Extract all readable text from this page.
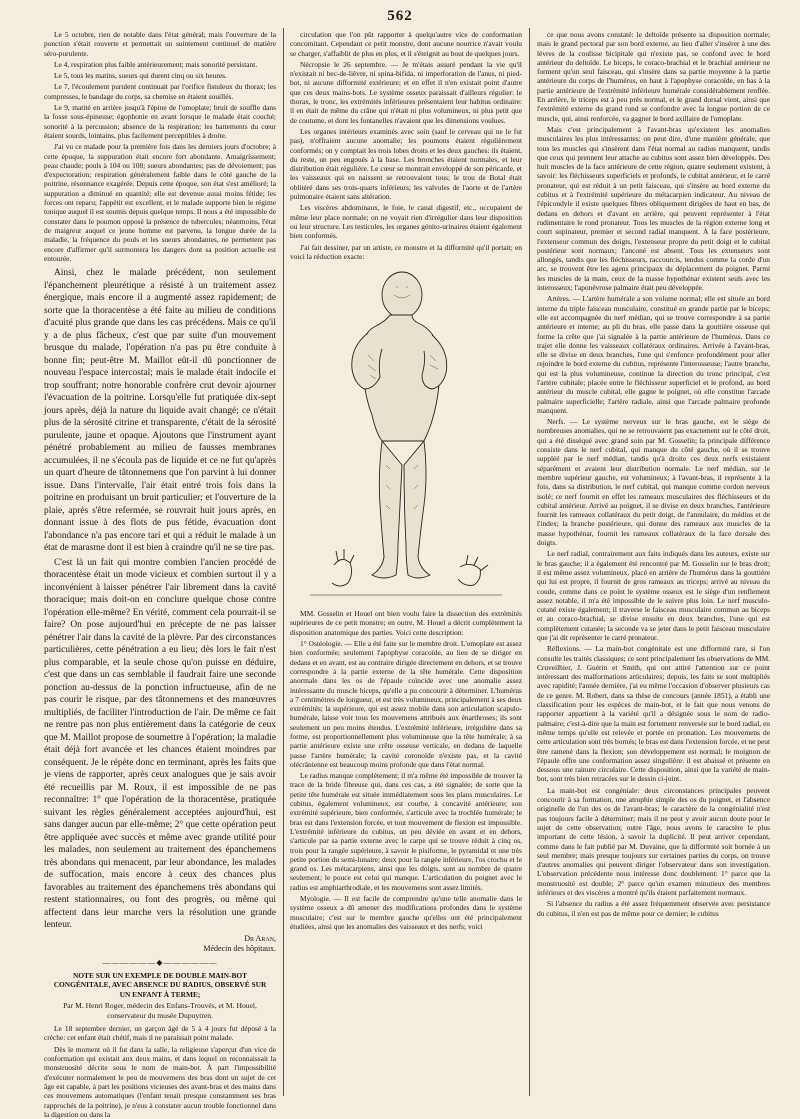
562

Le 5 octobre, rien de notable dans l'état général; mais l'ouverture de la ponction s'était rouverte et permettait un suintement continuel de matière séro-purulente.

Le 4, respiration plus faible antérieurement; mais sonorité persistant.

Le 5, tous les matins, sueurs qui durent cinq ou six heures.

Le 7, l'écoulement purulent continuait par l'orifice fistuleux du thorax; les compresses, le bandage du corps, sa chemise en étaient souillés.

Le 9, matité en arrière jusqu'à l'épine de l'omoplate; bruit de souffle dans la fosse sous-épineuse; égophonie en avant lorsque le malade était couché; sonorité à la percussion; absence de la respiration; les battements du cœur étaient sourds, lointains, plus facilement perceptibles à droite.

J'ai vu ce malade pour la première fois dans les derniers jours d'octobre; à cette époque, la suppuration était encore fort abondante. Amaigrissement; peau chaude; pouls à 104 ou 108; sueurs abondantes; pas de dévoiement; pas d'expectoration; respiration généralement faible dans le côté gauche de la poitrine, résonnance exagérée. Depuis cette époque, son état s'est amélioré; la suppuration a diminué en quantité; elle est devenue aussi moins fétide; les forces ont reparu; l'appétit est excellent, et le malade supporte bien le régime tonique auquel il est soumis depuis quelque temps. Il nous a été impossible de constater dans le poumon opposé la présence de tubercules; néanmoins, l'état de maigreur auquel ce jeune homme est parvenu, la longue durée de la maladie, la fréquence du pouls et les sueurs abondantes, ne permettent pas encore d'affirmer qu'il surmontera les dangers dont sa position actuelle est entourée.

Ainsi, chez le malade précédent, non seulement l'épanchement pleurétique a résisté à un traitement assez énergique, mais encore il a augmenté assez rapidement; de sorte que la thoracentèse a été faite au milieu de conditions d'acuité plus grande que dans les cas précédens. Mais ce qu'il y a de plus fâcheux, c'est que par suite d'un mouvement brusque du malade, l'opération n'a pas pu être conduite à bonne fin; peut-être M. Maillot eût-il dû ponctionner de nouveau l'espace intercostal; mais le malade était indocile et trop souffrant; notre honorable confrère crut devoir ajourner l'évacuation de la poitrine. Lorsqu'elle fut pratiquée dix-sept jours après, déjà la nature du liquide avait changé; ce n'était plus de la sérosité citrine et transparente, c'était de la sérosité purulente, jaune et opaque. Ajoutons que l'instrument ayant pénétré probablement au milieu de fausses membranes accumulées, il ne s'écoula pas de liquide et ce ne fut qu'après un quart d'heure de tâtonnemens que l'on parvint à lui donner issue. Dans l'intervalle, l'air était entré trois fois dans la poitrine en produisant un bruit particulier; et l'ouverture de la plaie, après s'être refermée, se rouvrait huit jours après, en donnant issue à des flots de pus fétide, évacuation dont l'abondance n'a pas encore tari et qui a réduit le malade à un état de marasme dont il est bien à craindre qu'il ne se tire pas.

C'est là un fait qui montre combien l'ancien procédé de thoracentèse était un mode vicieux et combien surtout il y a inconvénient à laisser pénétrer l'air librement dans la cavité thoracique; mais doit-on en conclure quelque chose contre l'opération elle-même? En vérité, comment cela pourrait-il se faire? On pose aujourd'hui en précepte de ne pas laisser pénétrer l'air dans la cavité de la plèvre. Par des circonstances particulières, cette pénétration a eu lieu; dès lors le fait n'est plus comparable, et la seule chose qu'on puisse en déduire, c'est que dans un cas semblable il faudrait faire une seconde ponction au-dessus de la ponction infructueuse, afin de ne pas courir le risque, par des tâtonnemens et des manœuvres multipliés, de faciliter l'introduction de l'air. De même ce fait ne rentre pas non plus entièrement dans la catégorie de ceux que M. Maillot propose de soumettre à l'opération; la maladie était déjà fort avancée et les chances étaient moindres par conséquent. Je le répète donc en terminant, après les faits que je viens de rapporter, après ceux analogues que je sais avoir été recueillis par M. Roux, il est impossible de ne pas reconnaître: 1° que l'opération de la thoracentèse, pratiquée suivant les règles généralement acceptées aujourd'hui, est sans danger aucun par elle-même; 2° que cette opération peut être appliquée avec succès et même avec grande utilité pour les malades, non seulement au traitement des épanchemens très abondans qui menacent, par leur abondance, les malades de suffocation, mais encore à ceux des chances plus favorables au traitement des épanchemens très abondans qui restent stationnaires, ou font des progrès, ou même qui affectent dans leur marche vers la résolution une grande lenteur.

Dr Aran,
Médecin des hôpitaux.
——————◆——————
NOTE SUR UN EXEMPLE DE DOUBLE MAIN-BOT CONGÉNITALE, AVEC ABSENCE DU RADIUS, OBSERVÉ SUR UN ENFANT À TERME;
Par M. Henri Roger, médecin des Enfans-Trouvés, et M. Houel, conservateur du musée Dupuytren.

Le 18 septembre dernier, un garçon âgé de 5 à 4 jours fut déposé à la crèche: cet enfant était chétif, mais il ne paraissait point malade.

Dès le moment où il fut dans la salle, la religieuse s'aperçut d'un vice de conformation qui existait aux deux mains, et dans lequel on reconnaissait la monstruosité décrite sous le nom de main-bot. À part l'impossibilité d'exécuter normalement le peu de mouvemens des bras dont un sujet de cet âge est capable, à part les positions vicieuses des avant-bras et des mains dans ces mouvemens automatiques (l'enfant tenait presque constamment ses bras rapprochés de la poitrine), je n'eus à constater aucun trouble fonctionnel dans la digestion ou dans la

circulation que l'on pût rapporter à quelqu'autre vice de conformation concomitant. Cependant ce petit monstre, dont aucune nourrice n'avait voulu se charger, s'affaiblit de plus en plus, et il s'éteignit au bout de quelques jours.

Nécropsie le 26 septembre. — Je m'étais assuré pendant la vie qu'il n'existait ni bec-de-lièvre, ni spina-bifida, ni imperforation de l'anus, ni pied-bot, ni aucune difformité extérieure; et en effet il n'en existait point d'autre que ces deux mains-bots. Le système osseux paraissait d'ailleurs régulier: le thorax, le tronc, les extrémités inférieures présentaient leur habitus ordinaire: il en était de même du crâne qui n'était ni plus volumineux, ni plus petit que de coutume, et dont les fontanelles n'avaient que les dimensions voulues.

Les organes intérieurs examinés avec soin (sauf le cerveau qui ne le fut pas), n'offraient aucune anomalie; les poumons étaient régulièrement conformés; on y comptait les trois lobes droits et les deux gauches: ils étaient, du reste, un peu engoués à la base. Les bronches étaient normales, et leur distribution était régulière. Le cœur se montrait enveloppé de son péricarde, et les vaisseaux qui en naissent se retrouvaient tous; le trou de Botal était oblitéré dans ses trois-quarts inférieurs; les valvules de l'aorte et de l'artère pulmonaire étaient sans altération.

Les viscères abdominaux, le foie, le canal digestif, etc., occupaient de même leur place normale; on ne voyait rien d'irrégulier dans leur disposition ou leur structure. Les testicules, les organes génito-urinaires étaient également bien conformés.

J'ai fait dessiner, par un artiste, ce monstre et la difformité qu'il portait; en voici la réduction exacte:

MM. Gosselin et Houel ont bien voulu faire la dissection des extrémités supérieures de ce petit monstre; en outre, M. Houel a décrit complètement la disposition anatomique des parties. Voici cette description:

1° Ostéologie. — Elle a été faite sur le membre droit. L'omoplate est assez bien conformée; seulement l'apophyse coracoïde, au lieu de se diriger en dedans et en avant, est au contraire dirigée directement en dehors, et se trouve correspondre à la partie externe de la tête humérale. Cette disposition anormale dans les os de l'épaule coïncide avec une anomalie assez intéressante du muscle biceps, qu'elle a pu concourir à déterminer. L'humérus a 7 centimètres de longueur, et est très volumineux, principalement à ses deux extrémités; la supérieure, qui est assez mobile dans son articulation scapulo-humérale, laisse voir tous les mouvemens attribués aux énarthroses; ils sont seulement un peu moins étendus. L'extrémité inférieure, irrégulière dans sa forme, est proportionnellement plus volumineuse que la tête humérale; à sa partie antérieure existe une crête osseuse verticale, en dedans de laquelle passe l'artère humérale; la cavité coronoïde n'existe pas, et la cavité olécrânienne est beaucoup moins profonde que dans l'état normal.

Le radius manque complètement; il m'a même été impossible de trouver la trace de la bride fibreuse qui, dans ces cas, a été signalée; de sorte que la petite tête humérale est située immédiatement sous les plans musculaires. Le cubitus, également volumineux, est courbe, à concavité antérieure; son extrémité supérieure, bien conformée, s'articule avec la trochlée humérale; le bras est dans l'extension forcée, et tout mouvement de flexion est impossible. L'extrémité inférieure du cubitus, un peu déviée en avant et en dehors, s'articule par sa partie externe avec le carpe qui se trouve réduit à cinq os, trois pour la rangée supérieure, à savoir le pisiforme, le pyramidal et une très petite portion du semi-lunaire; deux pour la rangée inférieure, l'os crochu et le grand os. Les métacarpiens, ainsi que les doigts, sont au nombre de quatre seulement; le pouce est celui qui manque. L'articulation du poignet avec le radius est amphiarthrodiale, et les mouvemens sont assez limités.

Myologie. — Il est facile de comprendre qu'une telle anomalie dans le système osseux a dû amener des modifications profondes dans le système musculaire; c'est sur le membre gauche qu'elles ont été principalement étudiées, ainsi que les anomalies des vaisseaux et des nerfs; voici

ce que nous avons constaté: le deltoïde présente sa disposition normale; mais le grand pectoral par son bord externe, au lieu d'aller s'insérer à une des lèvres de la coulisse bicipitale qui n'existe pas, se confond avec le bord antérieur du deltoïde. Le biceps, le coraco-brachial et le brachial antérieur ne forment qu'un seul faisceau, qui s'insère dans sa partie moyenne à la partie antérieure du corps de l'humérus, en haut à l'apophyse coracoïde, en bas à la partie antérieure de l'extrémité inférieure humérale considérablement renflée. En arrière, le triceps est à peu près normal, et le grand dorsal vient, ainsi que l'extrémité externe du grand rond se confondre avec la longue portion de ce muscle, qui, ainsi renforcée, va gagner le bord axillaire de l'omoplate.

Mais c'est principalement à l'avant-bras qu'existent les anomalies musculaires les plus intéressantes: on peut dire, d'une manière générale, que tous les muscles qui s'insèrent dans l'état normal au radius manquent, tandis que ceux qui prennent leur attache au cubitus sont assez bien développés. Des huit muscles de la face antérieure de cette région, quatre seulement existent, à savoir: les fléchisseurs superficiels et profonds, le cubital antérieur, et le carré pronateur, qui est réduit à un petit faisceau, qui s'insère au bord externe du cubitus et à l'extrémité supérieure du métacarpien indicateur. Au niveau de l'épicondyle il existe quelques fibres obliquement dirigées de haut en bas, de dedans en dehors et d'avant en arrière, qui peuvent représenter à l'état rudimentaire le rond pronateur. Tous les muscles de la région externe long et court supinateur, premier et second radial manquent. À la face postérieure, l'extenseur commun des doigts, l'extenseur propre du petit doigt et le cubital postérieur sont normaux; l'anconé est absent. Tous les extenseurs sont allongés, tandis que les fléchisseurs, raccourcis, tendus comme la corde d'un arc, se trouvent être les agens principaux du déplacement du poignet. Parmi les muscles de la main, ceux de la masse hypothénar existent seuls avec les interosseux; l'aponévrose palmaire était peu développée.

Artères. — L'artère humérale a son volume normal; elle est située au bord interne du triple faisceau musculaire, constitué en grande partie par le biceps; elle est accompagnée du nerf médian, qui se trouve correspondre à sa partie antérieure et interne; au pli du bras, elle passe dans la gouttière osseuse qui forme la crête que j'ai signalée à la partie antérieure de l'humérus. Dans ce trajet elle donne les vaisseaux collatéraux ordinaires. Arrivée à l'avant-bras, elle se divise en deux branches, l'une qui s'enfonce profondément pour aller rejoindre le bord externe du cubitus, représente l'interosseuse; l'autre branche, qui est la plus volumineuse, continue la direction du tronc principal, c'est l'artère cubitale; placée entre le fléchisseur superficiel et le profond, au bord antérieur du muscle cubital, elle gagne le poignet, où elle constitue l'arcade palmaire superficielle; l'artère radiale, ainsi que l'arcade palmaire profonde manquent.

Nerfs. — Le système nerveux sur le bras gauche, est le siège de nombreuses anomalies, qui ne se retrouvaient pas exactement sur le côté droit, qui a été disséqué avec grand soin par M. Gosselin; la principale différence consiste dans le nerf cubital, qui manque du côté gauche, où il se trouve suppléé par le nerf médian, tandis qu'à droite ces deux nerfs existaient séparément et avaient leur distribution normale. Le nerf médian, sur le membre supérieur gauche, est volumineux; à l'avant-bras, il représente à la fois, dans sa distribution, le nerf cubital, qui manque comme cordon nerveux isolé; ce nerf fournit en effet les rameaux musculaires des fléchisseurs et du cubital antérieur. Arrivé au poignet, il se divise en deux branches, l'antérieure fournit les rameaux collatéraux du petit doigt, de l'annulaire, du médius et de l'index; la branche postérieure, qui donne des rameaux aux muscles de la masse hypothénar, fournit les rameaux collatéraux de la face dorsale des doigts.

Le nerf radial, contrairement aux faits indiqués dans les auteurs, existe sur le bras gauche; il a également été rencontré par M. Gosselin sur le bras droit; il est même assez volumineux, placé en arrière de l'humérus dans la gouttière qui lui est propre, il fournit de gros rameaux au triceps; arrivé au niveau du coude, comme dans ce point le système osseux est le siège d'un renflement assez notable, il m'a été impossible de le suivre plus loin. Le nerf musculo-cutané existe également; il traverse le faisceau musculaire commun au biceps et au coraco-brachial, se divise ensuite en deux branches, l'une qui est complètement cutanée; la seconde va se jeter dans le petit faisceau musculaire que j'ai dit représenter le carré pronateur.

Réflexions. — La main-bot congénitale est une difformité rare, si l'on consulte les traités classiques; ce sont principalement les observations de MM. Cruveilhier, J. Guérin et Smith, qui ont attiré l'attention sur ce point intéressant des malformations articulaires; depuis, les faits se sont multipliés avec rapidité; l'année dernière, j'ai eu même l'occasion d'observer plusieurs cas de ce genre. M. Robert, dans sa thèse de concours (année 1851), a établi une classification pour les espèces de main-bot, et le fait que nous venons de rapporter appartient à la variété qu'il a désignée sous le nom de radio-palmaire; c'est-à-dire que la main est fortement renversée sur le bord radial, en même temps qu'elle est relevée et portée en pronation. Les mouvemens de cette articulation sont très bornés; le bras est dans l'extension forcée, et ne peut être ramené dans la flexion; son développement est normal; le moignon de l'épaule offre une conformation assez singulière: il est abaissé et présente en dessous une rainure circulaire. Cette disposition, ainsi que la variété de main-bot, sont très bien retracées sur le dessin ci-joint.

La main-bot est congéniale: deux circonstances principales peuvent concourir à sa formation, une atrophie simple des os du poignet, et l'absence originelle de l'un des os de l'avant-bras; le caractère de la congénialité n'est pas toujours facile à déterminer; mais il ne peut y avoir aucun doute pour le sujet de cette observation; outre l'âge, nous avons le caractère le plus important de cette lésion, à savoir la duplicité. Il peut arriver cependant, comme dans le fait publié par M. Duvaine, que la difformité soit bornée à un seul membre; mais presque toujours sur certaines parties du corps, on trouve d'autres anomalies qui peuvent diriger l'observateur dans son investigation. L'observation précédente nous intéresse donc doublement: 1° parce que la monstruosité est double; 2° parce qu'un examen minutieux des membres inférieurs et des viscères a montré qu'ils étaient parfaitement normaux.

Si l'absence du radius a été assez fréquemment observée avec persistance du cubitus, il n'en est pas de même pour ce dernier; le cubitus
